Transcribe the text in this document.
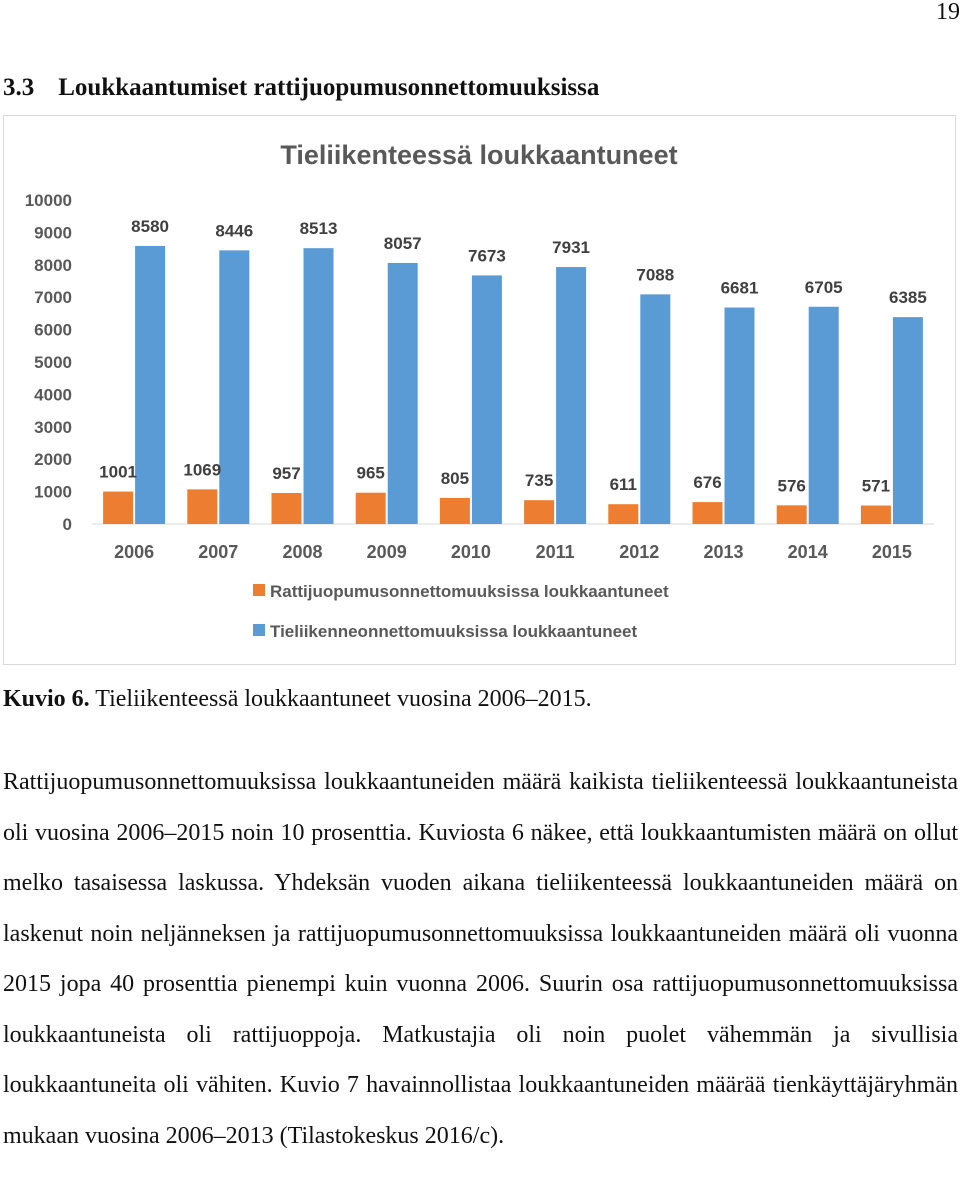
19
3.3 Loukkaantumiset rattijuopumusonnettomuuksissa
Tieliikenteessä loukkaantuneet
0
1000
2000
3000
4000
5000
6000
7000
8000
9000
10000
1001
8580
1069
8446
957
8513
965
8057
805
7673
735
7931
611
7088
676
6681
576
6705
571
6385
2006 2007 2008 2009 2010 2011 2012 2013 2014 2015
Rattijuopumusonnettomuuksissa loukkaantuneet
Tieliikenneonnettomuuksissa loukkaantuneet
Kuvio 6. Tieliikenteessä loukkaantuneet vuosina 2006–2015.

Rattijuopumusonnettomuuksissa loukkaantuneiden määrä kaikista tieliikenteessä loukkaantuneista oli vuosina 2006–2015 noin 10 prosenttia. Kuviosta 6 näkee, että loukkaantumisten määrä on ollut melko tasaisessa laskussa. Yhdeksän vuoden aikana tieliikenteessä loukkaantuneiden määrä on laskenut noin neljänneksen ja rattijuopumusonnettomuuksissa loukkaantuneiden määrä oli vuonna 2015 jopa 40 prosenttia pienempi kuin vuonna 2006. Suurin osa rattijuopumusonnettomuuksissa loukkaantuneista oli rattijuoppoja. Matkustajia oli noin puolet vähemmän ja sivullisia loukkaantuneita oli vähiten. Kuvio 7 havainnollistaa loukkaantuneiden määrää tienkäyttäjäryhmän mukaan vuosina 2006–2013 (Tilastokeskus 2016/c).
